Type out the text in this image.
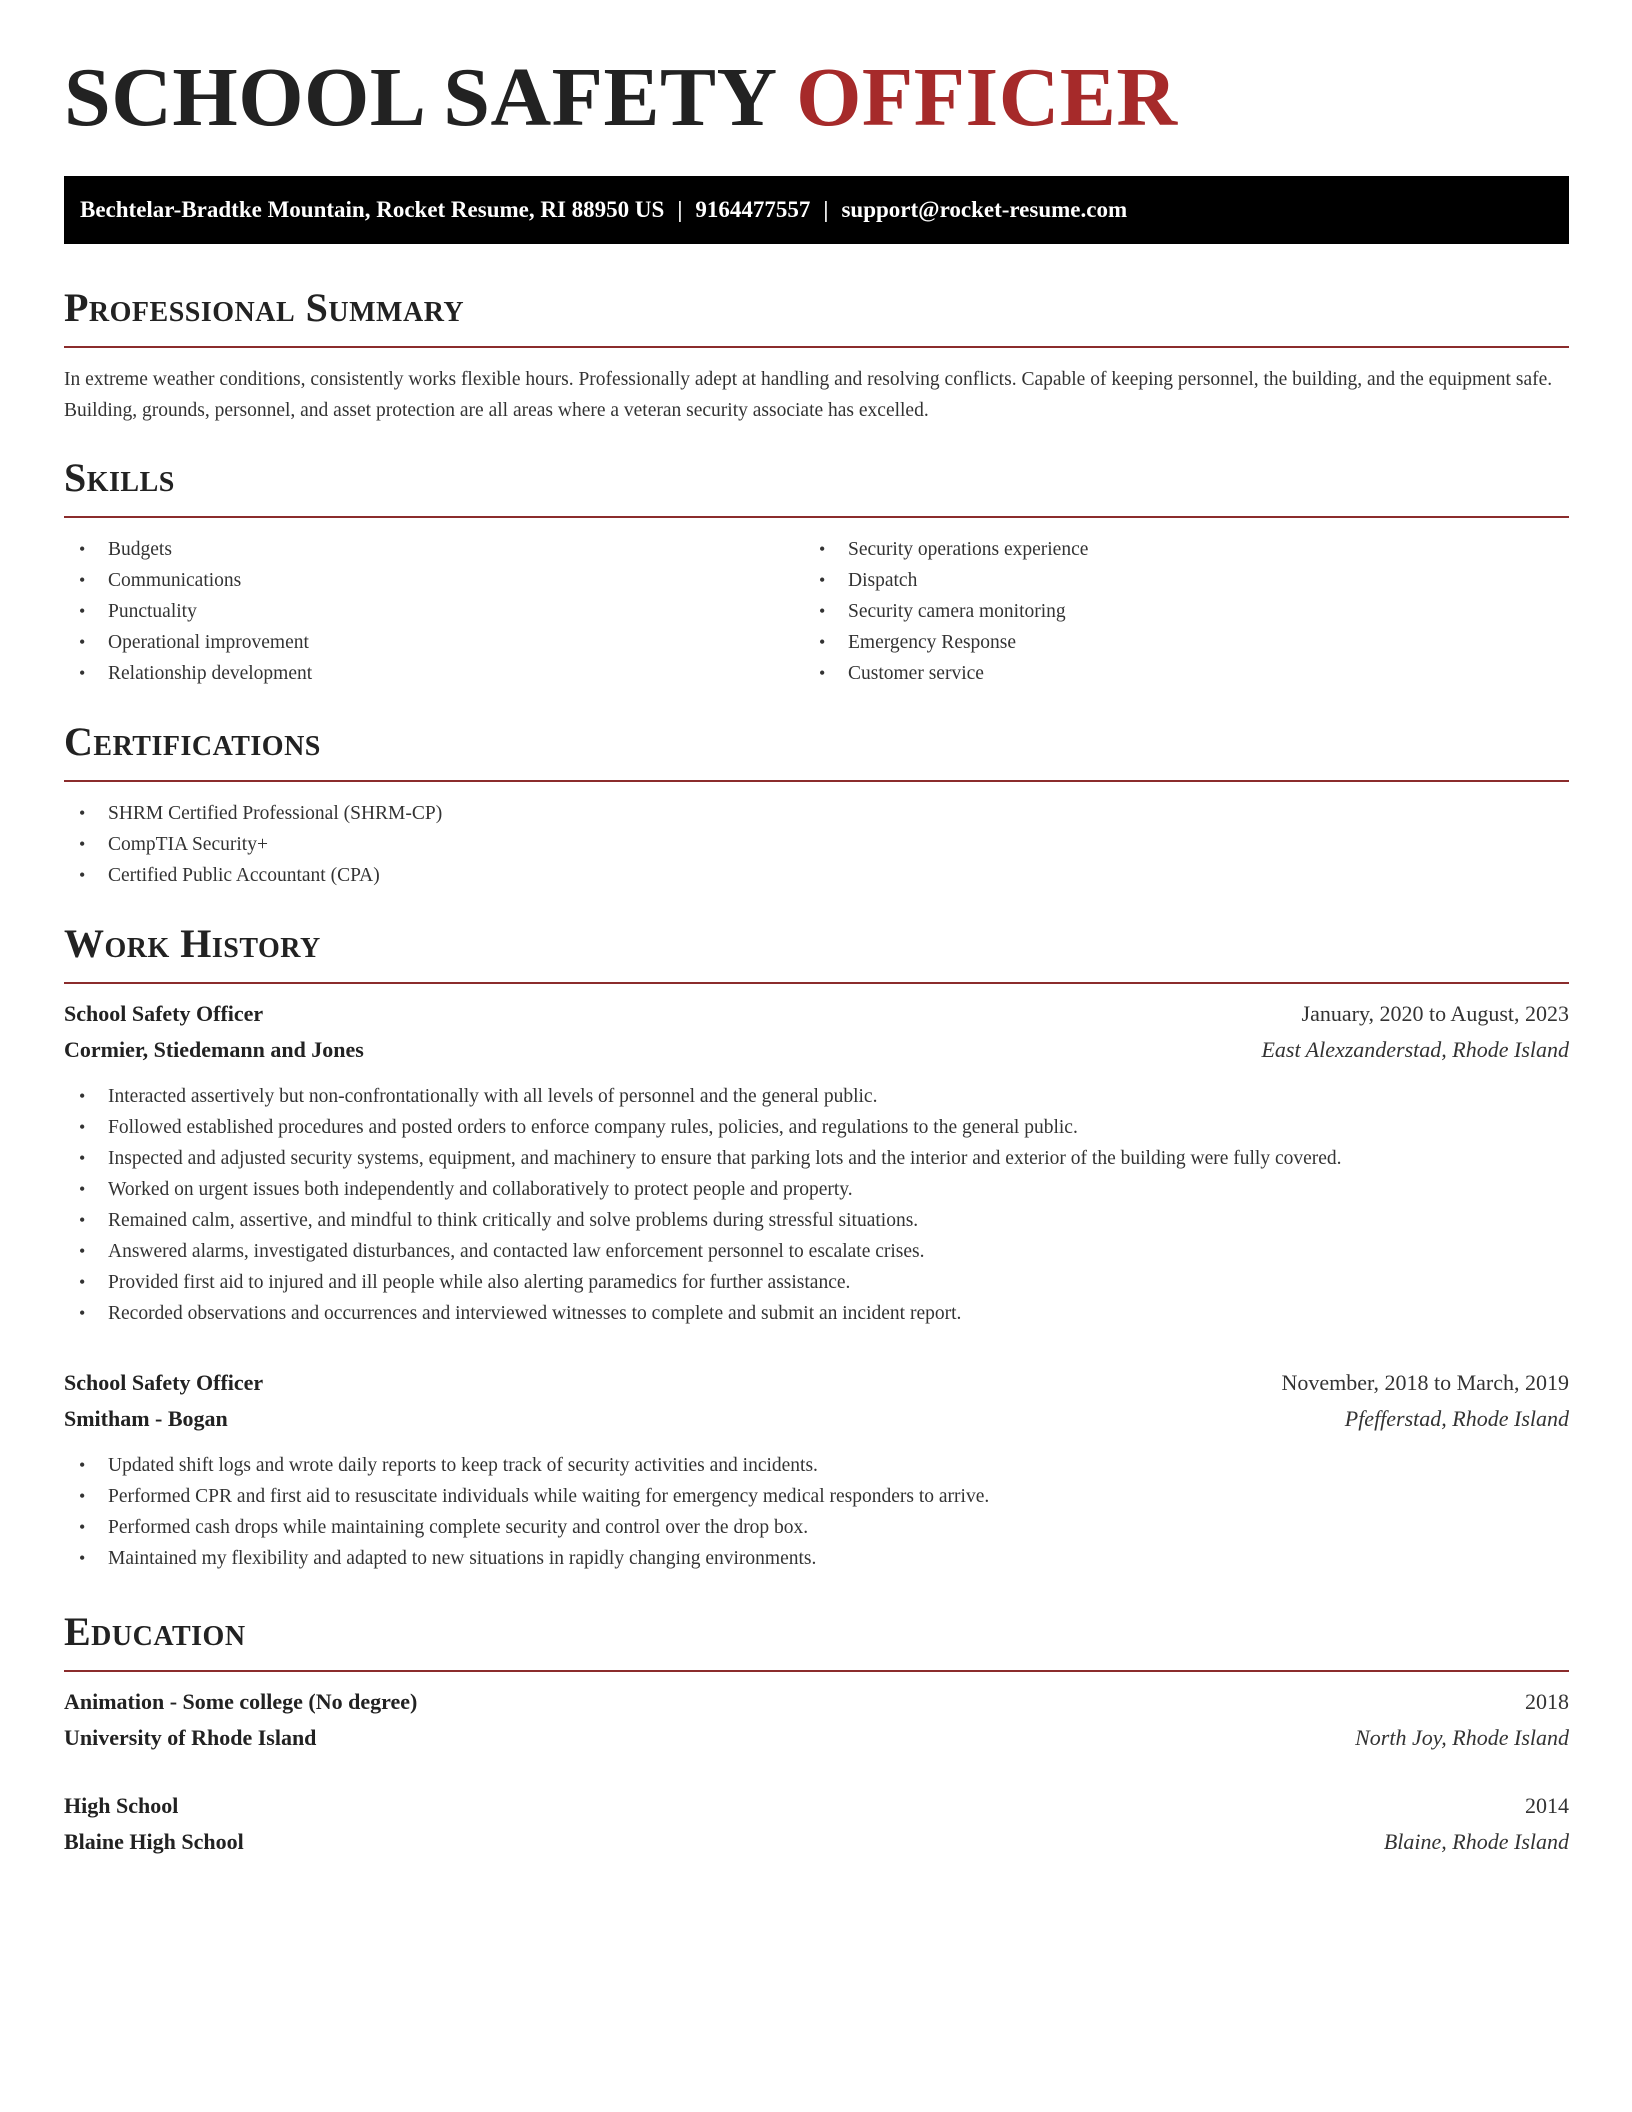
SCHOOL SAFETY OFFICER
Bechtelar-Bradtke Mountain, Rocket Resume, RI 88950 US | 9164477557 | support@rocket-resume.com
Professional Summary

In extreme weather conditions, consistently works flexible hours. Professionally adept at handling and resolving conflicts. Capable of keeping personnel, the building, and the equipment safe. Building, grounds, personnel, and asset protection are all areas where a veteran security associate has excelled.

Skills
• Budgets
• Communications
• Punctuality
• Operational improvement
• Relationship development
• Security operations experience
• Dispatch
• Security camera monitoring
• Emergency Response
• Customer service
Certifications
• SHRM Certified Professional (SHRM-CP)
• CompTIA Security+
• Certified Public Accountant (CPA)
Work History
School Safety Officer	January, 2020 to August, 2023
Cormier, Stiedemann and Jones	East Alexzanderstad, Rhode Island
• Interacted assertively but non-confrontationally with all levels of personnel and the general public.
• Followed established procedures and posted orders to enforce company rules, policies, and regulations to the general public.
• Inspected and adjusted security systems, equipment, and machinery to ensure that parking lots and the interior and exterior of the building were fully covered.
• Worked on urgent issues both independently and collaboratively to protect people and property.
• Remained calm, assertive, and mindful to think critically and solve problems during stressful situations.
• Answered alarms, investigated disturbances, and contacted law enforcement personnel to escalate crises.
• Provided first aid to injured and ill people while also alerting paramedics for further assistance.
• Recorded observations and occurrences and interviewed witnesses to complete and submit an incident report.
School Safety Officer	November, 2018 to March, 2019
Smitham - Bogan	Pfefferstad, Rhode Island
• Updated shift logs and wrote daily reports to keep track of security activities and incidents.
• Performed CPR and first aid to resuscitate individuals while waiting for emergency medical responders to arrive.
• Performed cash drops while maintaining complete security and control over the drop box.
• Maintained my flexibility and adapted to new situations in rapidly changing environments.
Education
Animation - Some college (No degree)	2018
University of Rhode Island	North Joy, Rhode Island
High School	2014
Blaine High School	Blaine, Rhode Island
